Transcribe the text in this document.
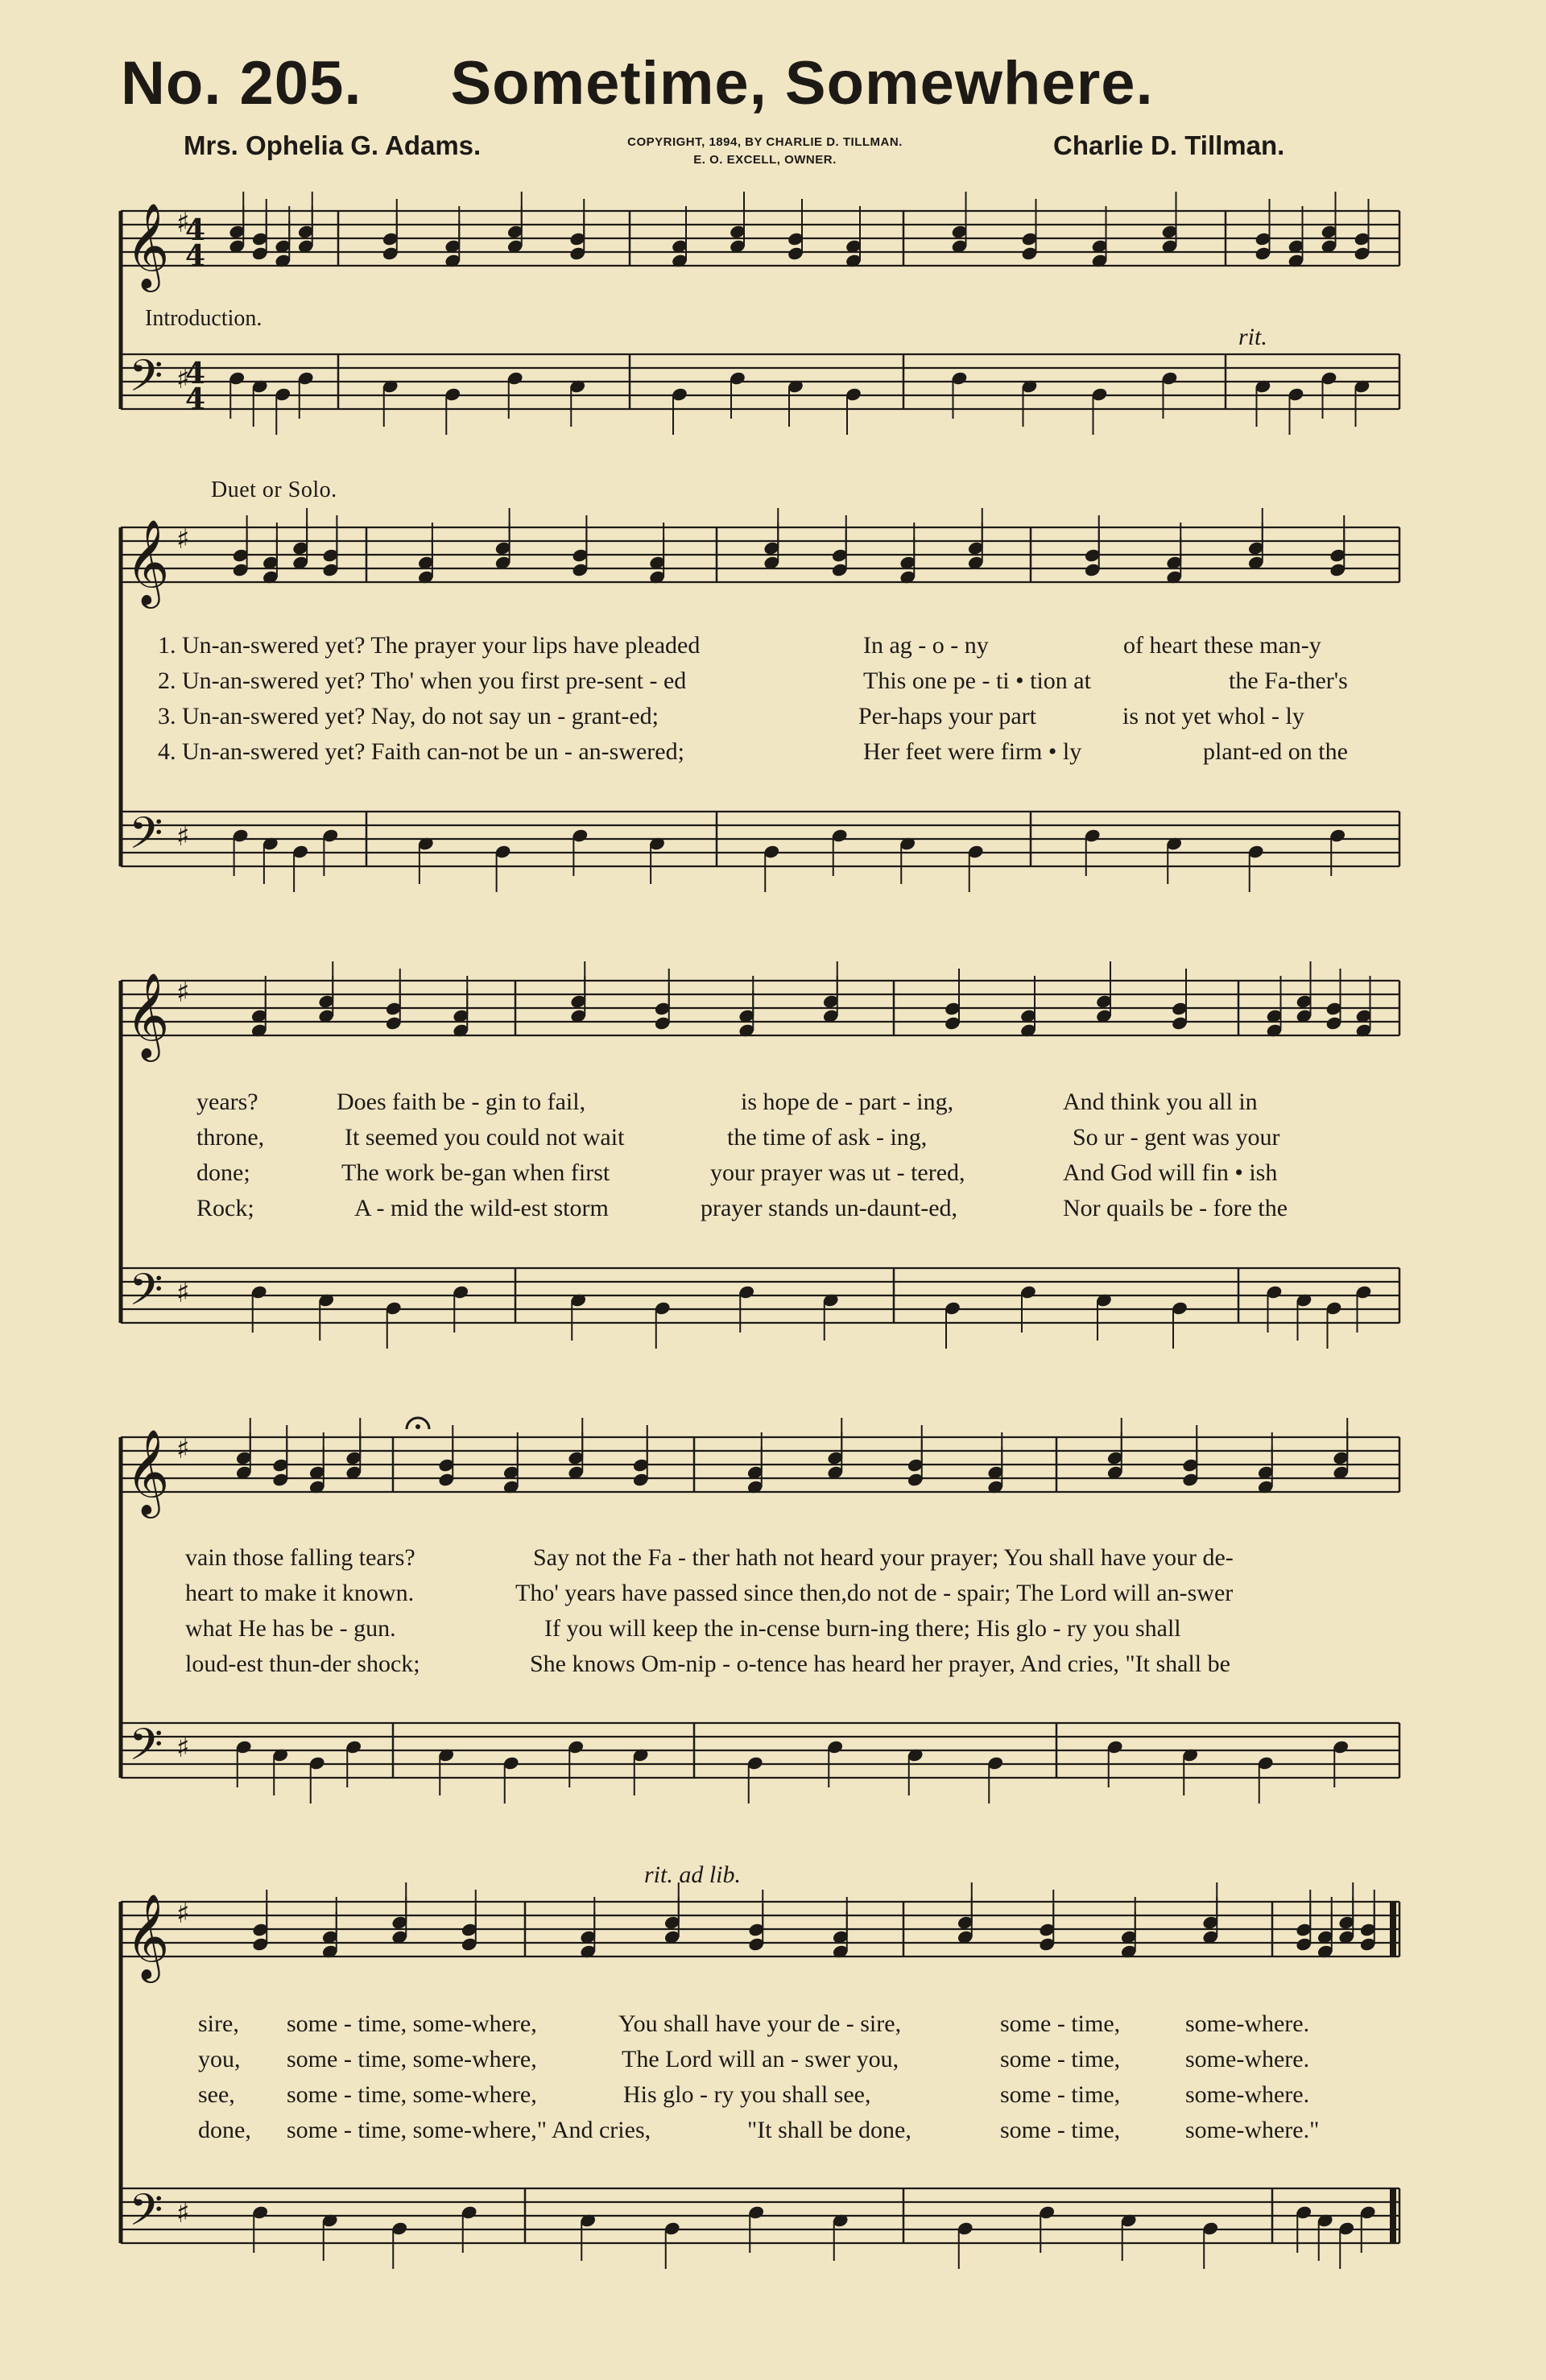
No. 205. Sometime, Somewhere.
Mrs. Ophelia G. Adams.	COPYRIGHT, 1894, BY CHARLIE D. TILLMAN.
E. O. EXCELL, OWNER.	Charlie D. Tillman.
𝄞
𝄢
♯
♯
4
4
4
4
𝄞
𝄢
♯
♯
𝄞
𝄢
♯
♯
𝄞
𝄢
♯
♯
𝄞
𝄢
♯
♯
Introduction.
Duet or Solo.
rit.
rit. ad lib.
1. Un-an-swered yet? The prayer your lips have pleaded	In ag - o - ny	of heart these man-y
2. Un-an-swered yet? Tho' when you first pre-sent - ed	This one pe - ti • tion at	the Fa-ther's
3. Un-an-swered yet? Nay, do not say un - grant-ed;	Per-haps your part	is not yet whol - ly
4. Un-an-swered yet? Faith can-not be un - an-swered;	Her feet were firm • ly	plant-ed on the
years?	Does faith be - gin to fail,	is hope de - part - ing,	And think you all in
throne,	It seemed you could not wait	the time of ask - ing,	So ur - gent was your
done;	The work be-gan when first	your prayer was ut - tered,	And God will fin • ish
Rock;	A - mid the wild-est storm	prayer stands un-daunt-ed,	Nor quails be - fore the
vain those falling tears?	Say not the Fa - ther hath not heard your prayer; You shall have your de-
heart to make it known.	Tho' years have passed since then,do not de - spair; The Lord will an-swer
what He has be - gun.	If you will keep the in-cense burn-ing there; His glo - ry you shall
loud-est thun-der shock;	She knows Om-nip - o-tence has heard her prayer, And cries, "It shall be
sire, some - time, some-where,	You shall have your de - sire,	some - time,	some-where.
you, some - time, some-where,	The Lord will an - swer you,	some - time,	some-where.
see, some - time, some-where,	His glo - ry you shall see,	some - time,	some-where.
done, some - time, some-where," And cries,	"It shall be done,	some - time,	some-where."
